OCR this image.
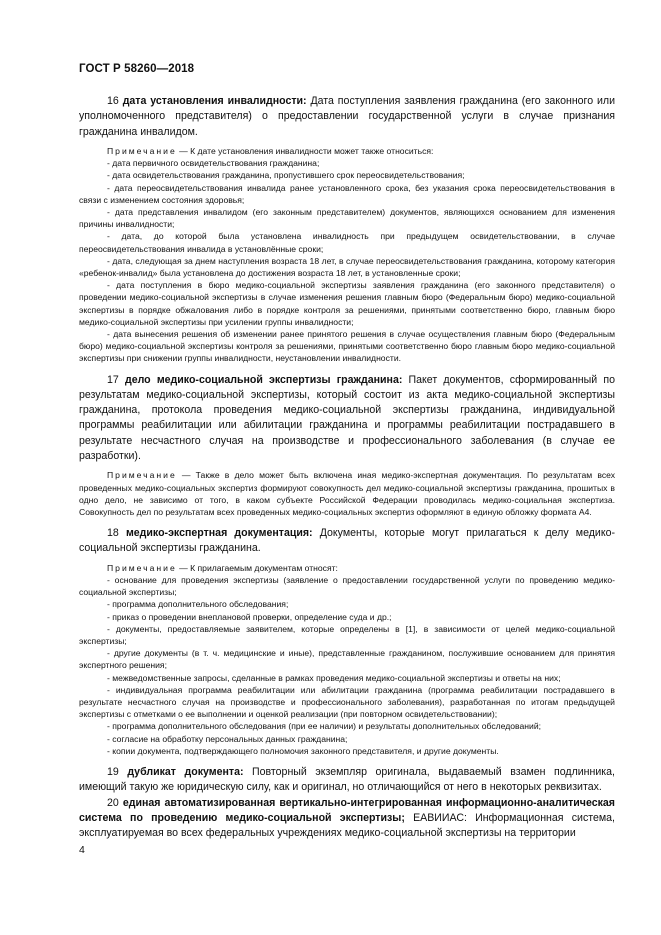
ГОСТ Р 58260—2018

16 дата установления инвалидности: Дата поступления заявления гражданина (его законного или уполномоченного представителя) о предоставлении государственной услуги в случае признания гражданина инвалидом.

Примечание — К дате установления инвалидности может также относиться:

- дата первичного освидетельствования гражданина;

- дата освидетельствования гражданина, пропустившего срок переосвидетельствования;

- дата переосвидетельствования инвалида ранее установленного срока, без указания срока переосвидетельствования в связи с изменением состояния здоровья;

- дата представления инвалидом (его законным представителем) документов, являющихся основанием для изменения причины инвалидности;

- дата, до которой была установлена инвалидность при предыдущем освидетельствовании, в случае переосвидетельствования инвалида в установлённые сроки;

- дата, следующая за днем наступления возраста 18 лет, в случае переосвидетельствования гражданина, которому категория «ребенок-инвалид» была установлена до достижения возраста 18 лет, в установленные сроки;

- дата поступления в бюро медико-социальной экспертизы заявления гражданина (его законного представителя) о проведении медико-социальной экспертизы в случае изменения решения главным бюро (Федеральным бюро) медико-социальной экспертизы в порядке обжалования либо в порядке контроля за решениями, принятыми соответственно бюро, главным бюро медико-социальной экспертизы при усилении группы инвалидности;

- дата вынесения решения об изменении ранее принятого решения в случае осуществления главным бюро (Федеральным бюро) медико-социальной экспертизы контроля за решениями, принятыми соответственно бюро главным бюро медико-социальной экспертизы при снижении группы инвалидности, неустановлении инвалидности.

17 дело медико-социальной экспертизы гражданина: Пакет документов, сформированный по результатам медико-социальной экспертизы, который состоит из акта медико-социальной экспертизы гражданина, протокола проведения медико-социальной экспертизы гражданина, индивидуальной программы реабилитации или абилитации гражданина и программы реабилитации пострадавшего в результате несчастного случая на производстве и профессионального заболевания (в случае ее разработки).

Примечание — Также в дело может быть включена иная медико-экспертная документация. По результатам всех проведенных медико-социальных экспертиз формируют совокупность дел медико-социальной экспертизы гражданина, прошитых в одно дело, не зависимо от того, в каком субъекте Российской Федерации проводилась медико-социальная экспертиза. Совокупность дел по результатам всех проведенных медико-социальных экспертиз оформляют в единую обложку формата А4.

18 медико-экспертная документация: Документы, которые могут прилагаться к делу медико-социальной экспертизы гражданина.

Примечание — К прилагаемым документам относят:

- основание для проведения экспертизы (заявление о предоставлении государственной услуги по проведению медико-социальной экспертизы;

- программа дополнительного обследования;

- приказ о проведении внеплановой проверки, определение суда и др.;

- документы, предоставляемые заявителем, которые определены в [1], в зависимости от целей медико-социальной экспертизы;

- другие документы (в т. ч. медицинские и иные), представленные гражданином, послужившие основанием для принятия экспертного решения;

- межведомственные запросы, сделанные в рамках проведения медико-социальной экспертизы и ответы на них;

- индивидуальная программа реабилитации или абилитации гражданина (программа реабилитации пострадавшего в результате несчастного случая на производстве и профессионального заболевания), разработанная по итогам предыдущей экспертизы с отметками о ее выполнении и оценкой реализации (при повторном освидетельствовании);

- программа дополнительного обследования (при ее наличии) и результаты дополнительных обследований;

- согласие на обработку персональных данных гражданина;

- копии документа, подтверждающего полномочия законного представителя, и другие документы.

19 дубликат документа: Повторный экземпляр оригинала, выдаваемый взамен подлинника, имеющий такую же юридическую силу, как и оригинал, но отличающийся от него в некоторых реквизитах.

20 единая автоматизированная вертикально-интегрированная информационно-аналитическая система по проведению медико-социальной экспертизы; ЕАВИИАС: Информационная система, эксплуатируемая во всех федеральных учреждениях медико-социальной экспертизы на территории

4
